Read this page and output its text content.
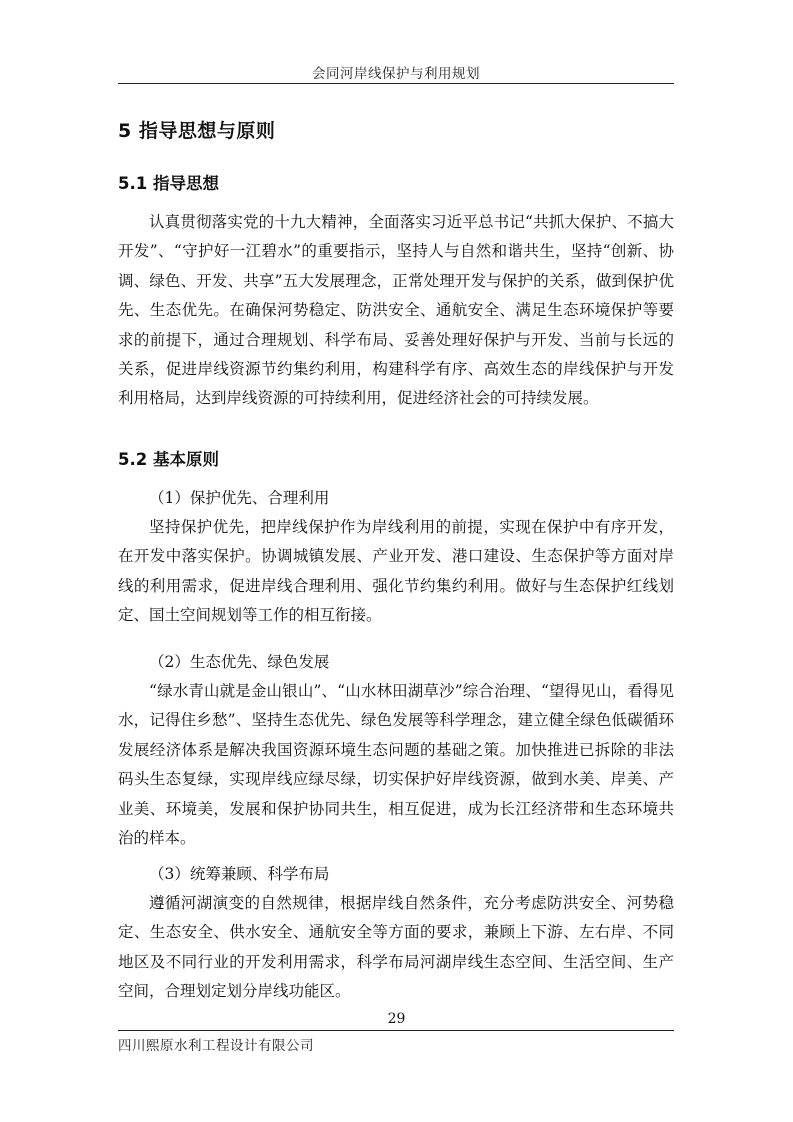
会同河岸线保护与利用规划
5 指导思想与原则
5.1 指导思想

认真贯彻落实党的十九大精神，全面落实习近平总书记“共抓大保护、不搞大开发”、“守护好一江碧水”的重要指示，坚持人与自然和谐共生，坚持“创新、协调、绿色、开发、共享”五大发展理念，正常处理开发与保护的关系，做到保护优先、生态优先。在确保河势稳定、防洪安全、通航安全、满足生态环境保护等要求的前提下，通过合理规划、科学布局、妥善处理好保护与开发、当前与长远的关系，促进岸线资源节约集约利用，构建科学有序、高效生态的岸线保护与开发利用格局，达到岸线资源的可持续利用，促进经济社会的可持续发展。

5.2 基本原则

（1）保护优先、合理利用

坚持保护优先，把岸线保护作为岸线利用的前提，实现在保护中有序开发，在开发中落实保护。协调城镇发展、产业开发、港口建设、生态保护等方面对岸线的利用需求，促进岸线合理利用、强化节约集约利用。做好与生态保护红线划定、国土空间规划等工作的相互衔接。

（2）生态优先、绿色发展

“绿水青山就是金山银山”、“山水林田湖草沙”综合治理、“望得见山，看得见水，记得住乡愁”、坚持生态优先、绿色发展等科学理念，建立健全绿色低碳循环发展经济体系是解决我国资源环境生态问题的基础之策。加快推进已拆除的非法码头生态复绿，实现岸线应绿尽绿，切实保护好岸线资源，做到水美、岸美、产业美、环境美，发展和保护协同共生，相互促进，成为长江经济带和生态环境共治的样本。

（3）统筹兼顾、科学布局

遵循河湖演变的自然规律，根据岸线自然条件，充分考虑防洪安全、河势稳定、生态安全、供水安全、通航安全等方面的要求，兼顾上下游、左右岸、不同地区及不同行业的开发利用需求，科学布局河湖岸线生态空间、生活空间、生产空间，合理划定划分岸线功能区。

29
四川熙原水利工程设计有限公司
